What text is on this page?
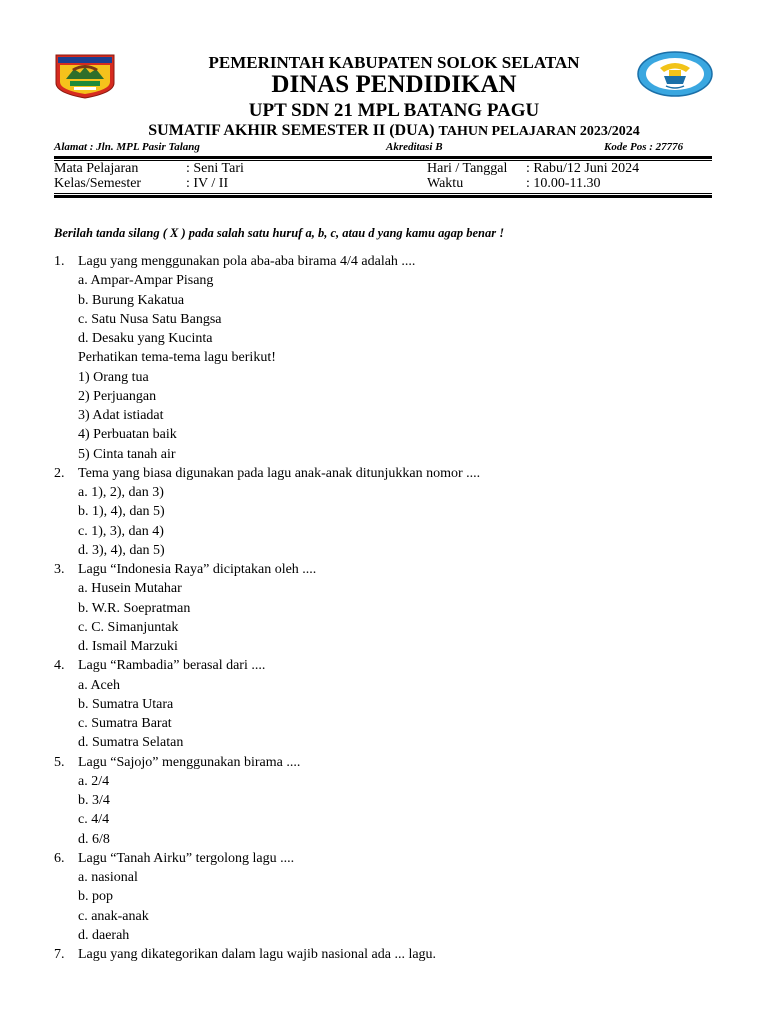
PEMERINTAH KABUPATEN SOLOK SELATAN
DINAS PENDIDIKAN
UPT SDN 21 MPL BATANG PAGU
SUMATIF AKHIR SEMESTER II (DUA) TAHUN PELAJARAN 2023/2024
Alamat : Jln. MPL Pasir Talang	Akreditasi B	Kode Pos : 27776
Mata Pelajaran	: Seni Tari	Hari / Tanggal : Rabu/12 Juni 2024
Kelas/Semester	: IV / II	Waktu	: 10.00-11.30
Berilah tanda silang ( X ) pada salah satu huruf a, b, c, atau d yang kamu agap benar !
1. Lagu yang menggunakan pola aba-aba birama 4/4 adalah ....
a. Ampar-Ampar Pisang
b. Burung Kakatua
c. Satu Nusa Satu Bangsa
d. Desaku yang Kucinta
Perhatikan tema-tema lagu berikut!
1) Orang tua
2) Perjuangan
3) Adat istiadat
4) Perbuatan baik
5) Cinta tanah air
2. Tema yang biasa digunakan pada lagu anak-anak ditunjukkan nomor ....
a. 1), 2), dan 3)
b. 1), 4), dan 5)
c. 1), 3), dan 4)
d. 3), 4), dan 5)
3. Lagu “Indonesia Raya” diciptakan oleh ....
a. Husein Mutahar
b. W.R. Soepratman
c. C. Simanjuntak
d. Ismail Marzuki
4. Lagu “Rambadia” berasal dari ....
a. Aceh
b. Sumatra Utara
c. Sumatra Barat
d. Sumatra Selatan
5. Lagu “Sajojo” menggunakan birama ....
a. 2/4
b. 3/4
c. 4/4
d. 6/8
6. Lagu “Tanah Airku” tergolong lagu ....
a. nasional
b. pop
c. anak-anak
d. daerah
7. Lagu yang dikategorikan dalam lagu wajib nasional ada ... lagu.
